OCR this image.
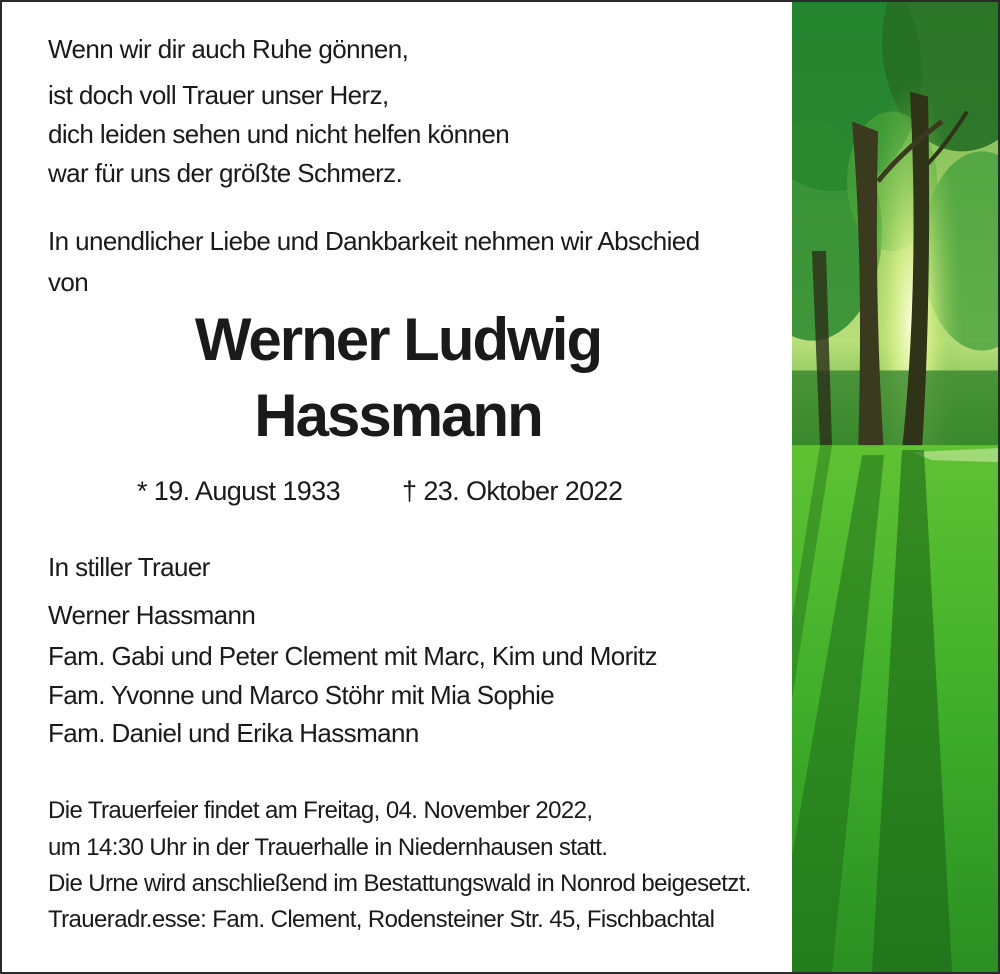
Wenn wir dir auch Ruhe gönnen,
ist doch voll Trauer unser Herz,
dich leiden sehen und nicht helfen können
war für uns der größte Schmerz.
In unendlicher Liebe und Dankbarkeit nehmen wir Abschied
von
Werner Ludwig
Hassmann
* 19. August 1933 † 23. Oktober 2022
In stiller Trauer
Werner Hassmann
Fam. Gabi und Peter Clement mit Marc, Kim und Moritz
Fam. Yvonne und Marco Stöhr mit Mia Sophie
Fam. Daniel und Erika Hassmann
Die Trauerfeier findet am Freitag, 04. November 2022,
um 14:30 Uhr in der Trauerhalle in Niedernhausen statt.
Die Urne wird anschließend im Bestattungswald in Nonrod beigesetzt.
Traueradr.esse: Fam. Clement, Rodensteiner Str. 45, Fischbachtal
